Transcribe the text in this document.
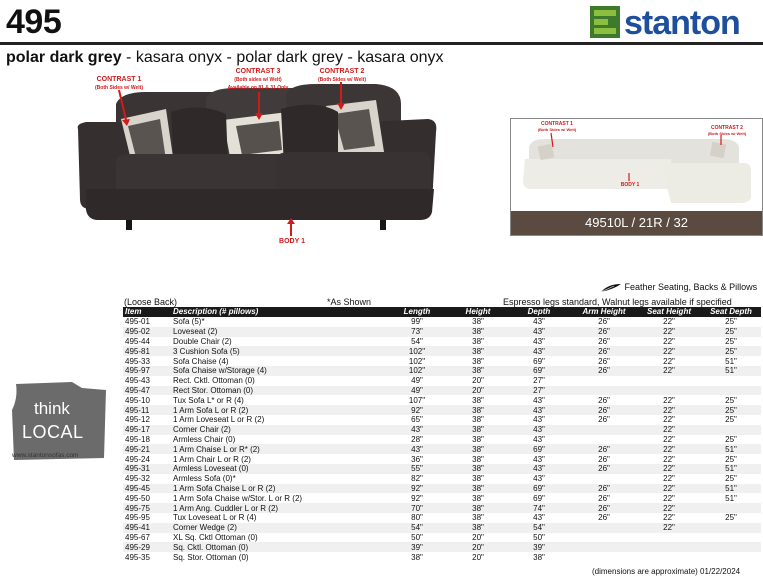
495	stanton
polar dark grey - kasara onyx - polar dark grey - kasara onyx
CONTRAST 1
(Both Sides w/ Welt)
CONTRAST 3
(Both sides w/ Welt)
Available on 81 & 31 Only
CONTRAST 2
(Both Sides w/ Welt)
BODY 1
CONTRAST 1
(Both Sides w/ Welt)	CONTRAST 2
(Both Sides w/ Welt)
BODY 1
49510L / 21R / 32
Feather Seating, Backs & Pillows
(Loose Back)	*As Shown	Espresso legs standard, Walnut legs available if specified
Item	Description (# pillows)	Length	Height	Depth	Arm Height	Seat Height	Seat Depth
495-01	Sofa (5)*	99"	38"	43"	26"	22"	25"
495-02	Loveseat (2)	73"	38"	43"	26"	22"	25"
495-44	Double Chair (2)	54"	38"	43"	26"	22"	25"
495-81	3 Cushion Sofa (5)	102"	38"	43"	26"	22"	25"
495-33	Sofa Chaise (4)	102"	38"	69"	26"	22"	51"
495-97	Sofa Chaise w/Storage (4)	102"	38"	69"	26"	22"	51"
495-43	Rect. Cktl. Ottoman (0)	49"	20"	27"			
495-47	Rect Stor. Ottoman (0)	49"	20"	27"			
495-10	Tux Sofa L* or R (4)	107"	38"	43"	26"	22"	25"
495-11	1 Arm Sofa L or R (2)	92"	38"	43"	26"	22"	25"
495-12	1 Arm Loveseat L or R (2)	65"	38"	43"	26"	22"	25"
495-17	Corner Chair (2)	43"	38"	43"		22"	
495-18	Armless Chair (0)	28"	38"	43"		22"	25"
495-21	1 Arm Chaise L or R* (2)	43"	38"	69"	26"	22"	51"
495-24	1 Arm Chair L or R (2)	36"	38"	43"	26"	22"	25"
495-31	Armless Loveseat (0)	55"	38"	43"	26"	22"	51"
495-32	Armless Sofa (0)*	82"	38"	43"		22"	25"
495-45	1 Arm Sofa Chaise L or R (2)	92"	38"	69"	26"	22"	51"
495-50	1 Arm Sofa Chaise w/Stor. L or R (2)	92"	38"	69"	26"	22"	51"
495-75	1 Arm Ang. Cuddler L or R (2)	70"	38"	74"	26"	22"	
495-95	Tux Loveseat L or R (4)	80"	38"	43"	26"	22"	25"
495-41	Corner Wedge (2)	54"	38"	54"		22"	
495-67	XL Sq. Cktl Ottoman (0)	50"	20"	50"			
495-29	Sq. Cktl. Ottoman (0)	39"	20"	39"			
495-35	Sq. Stor. Ottoman (0)	38"	20"	38"			
think
LOCAL
www.stantonsofas.com
(dimensions are approximate) 01/22/2024
